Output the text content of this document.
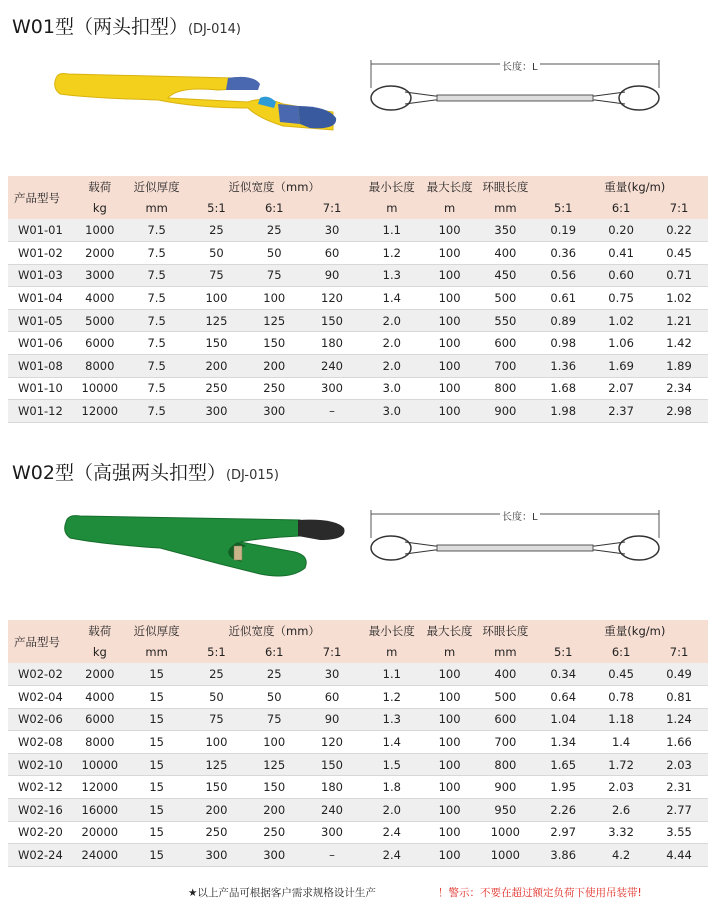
W01型（两头扣型）(DJ-014)
长度：L
产品型号	载荷	近似厚度	近似宽度（mm）			最小长度	最大长度	环眼长度	重量(kg/m)		
	kg	mm	5:1	6:1	7:1	m	m	mm	5:1	6:1	7:1
W01-01	1000	7.5	25	25	30	1.1	100	350	0.19	0.20	0.22
W01-02	2000	7.5	50	50	60	1.2	100	400	0.36	0.41	0.45
W01-03	3000	7.5	75	75	90	1.3	100	450	0.56	0.60	0.71
W01-04	4000	7.5	100	100	120	1.4	100	500	0.61	0.75	1.02
W01-05	5000	7.5	125	125	150	2.0	100	550	0.89	1.02	1.21
W01-06	6000	7.5	150	150	180	2.0	100	600	0.98	1.06	1.42
W01-08	8000	7.5	200	200	240	2.0	100	700	1.36	1.69	1.89
W01-10	10000	7.5	250	250	300	3.0	100	800	1.68	2.07	2.34
W01-12	12000	7.5	300	300	–	3.0	100	900	1.98	2.37	2.98
W02型（高强两头扣型）(DJ-015)
长度：L
产品型号	载荷	近似厚度	近似宽度（mm）			最小长度	最大长度	环眼长度	重量(kg/m)		
	kg	mm	5:1	6:1	7:1	m	m	mm	5:1	6:1	7:1
W02-02	2000	15	25	25	30	1.1	100	400	0.34	0.45	0.49
W02-04	4000	15	50	50	60	1.2	100	500	0.64	0.78	0.81
W02-06	6000	15	75	75	90	1.3	100	600	1.04	1.18	1.24
W02-08	8000	15	100	100	120	1.4	100	700	1.34	1.4	1.66
W02-10	10000	15	125	125	150	1.5	100	800	1.65	1.72	2.03
W02-12	12000	15	150	150	180	1.8	100	900	1.95	2.03	2.31
W02-16	16000	15	200	200	240	2.0	100	950	2.26	2.6	2.77
W02-20	20000	15	250	250	300	2.4	100	1000	2.97	3.32	3.55
W02-24	24000	15	300	300	–	2.4	100	1000	3.86	4.2	4.44
★以上产品可根据客户需求规格设计生产	！警示：不要在超过额定负荷下使用吊装带!
